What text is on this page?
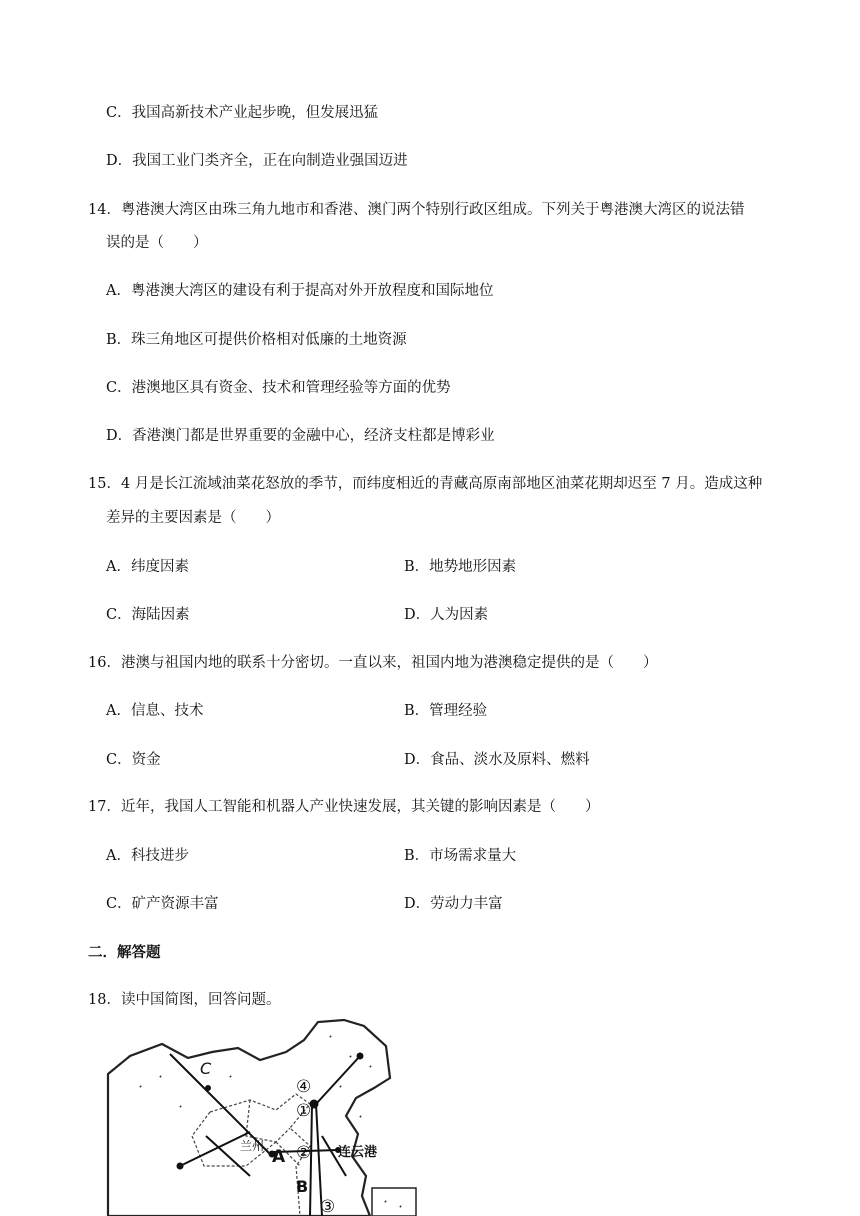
C．我国高新技术产业起步晚，但发展迅猛
D．我国工业门类齐全，正在向制造业强国迈进
14．粤港澳大湾区由珠三角九地市和香港、澳门两个特别行政区组成。下列关于粤港澳大湾区的说法错
误的是（　　）
A．粤港澳大湾区的建设有利于提高对外开放程度和国际地位
B．珠三角地区可提供价格相对低廉的土地资源
C．港澳地区具有资金、技术和管理经验等方面的优势
D．香港澳门都是世界重要的金融中心，经济支柱都是博彩业
15．4 月是长江流域油菜花怒放的季节，而纬度相近的青藏高原南部地区油菜花期却迟至 7 月。造成这种
差异的主要因素是（　　）
A．纬度因素	B．地势地形因素
C．海陆因素	D．人为因素
16．港澳与祖国内地的联系十分密切。一直以来，祖国内地为港澳稳定提供的是（　　）
A．信息、技术	B．管理经验
C．资金	D．食品、淡水及原料、燃料
17．近年，我国人工智能和机器人产业快速发展，其关键的影响因素是（　　）
A．科技进步	B．市场需求量大
C．矿产资源丰富	D．劳动力丰富
二．解答题
18．读中国简图，回答问题。
C
A
B
兰州	连云港
④
①
②
③
